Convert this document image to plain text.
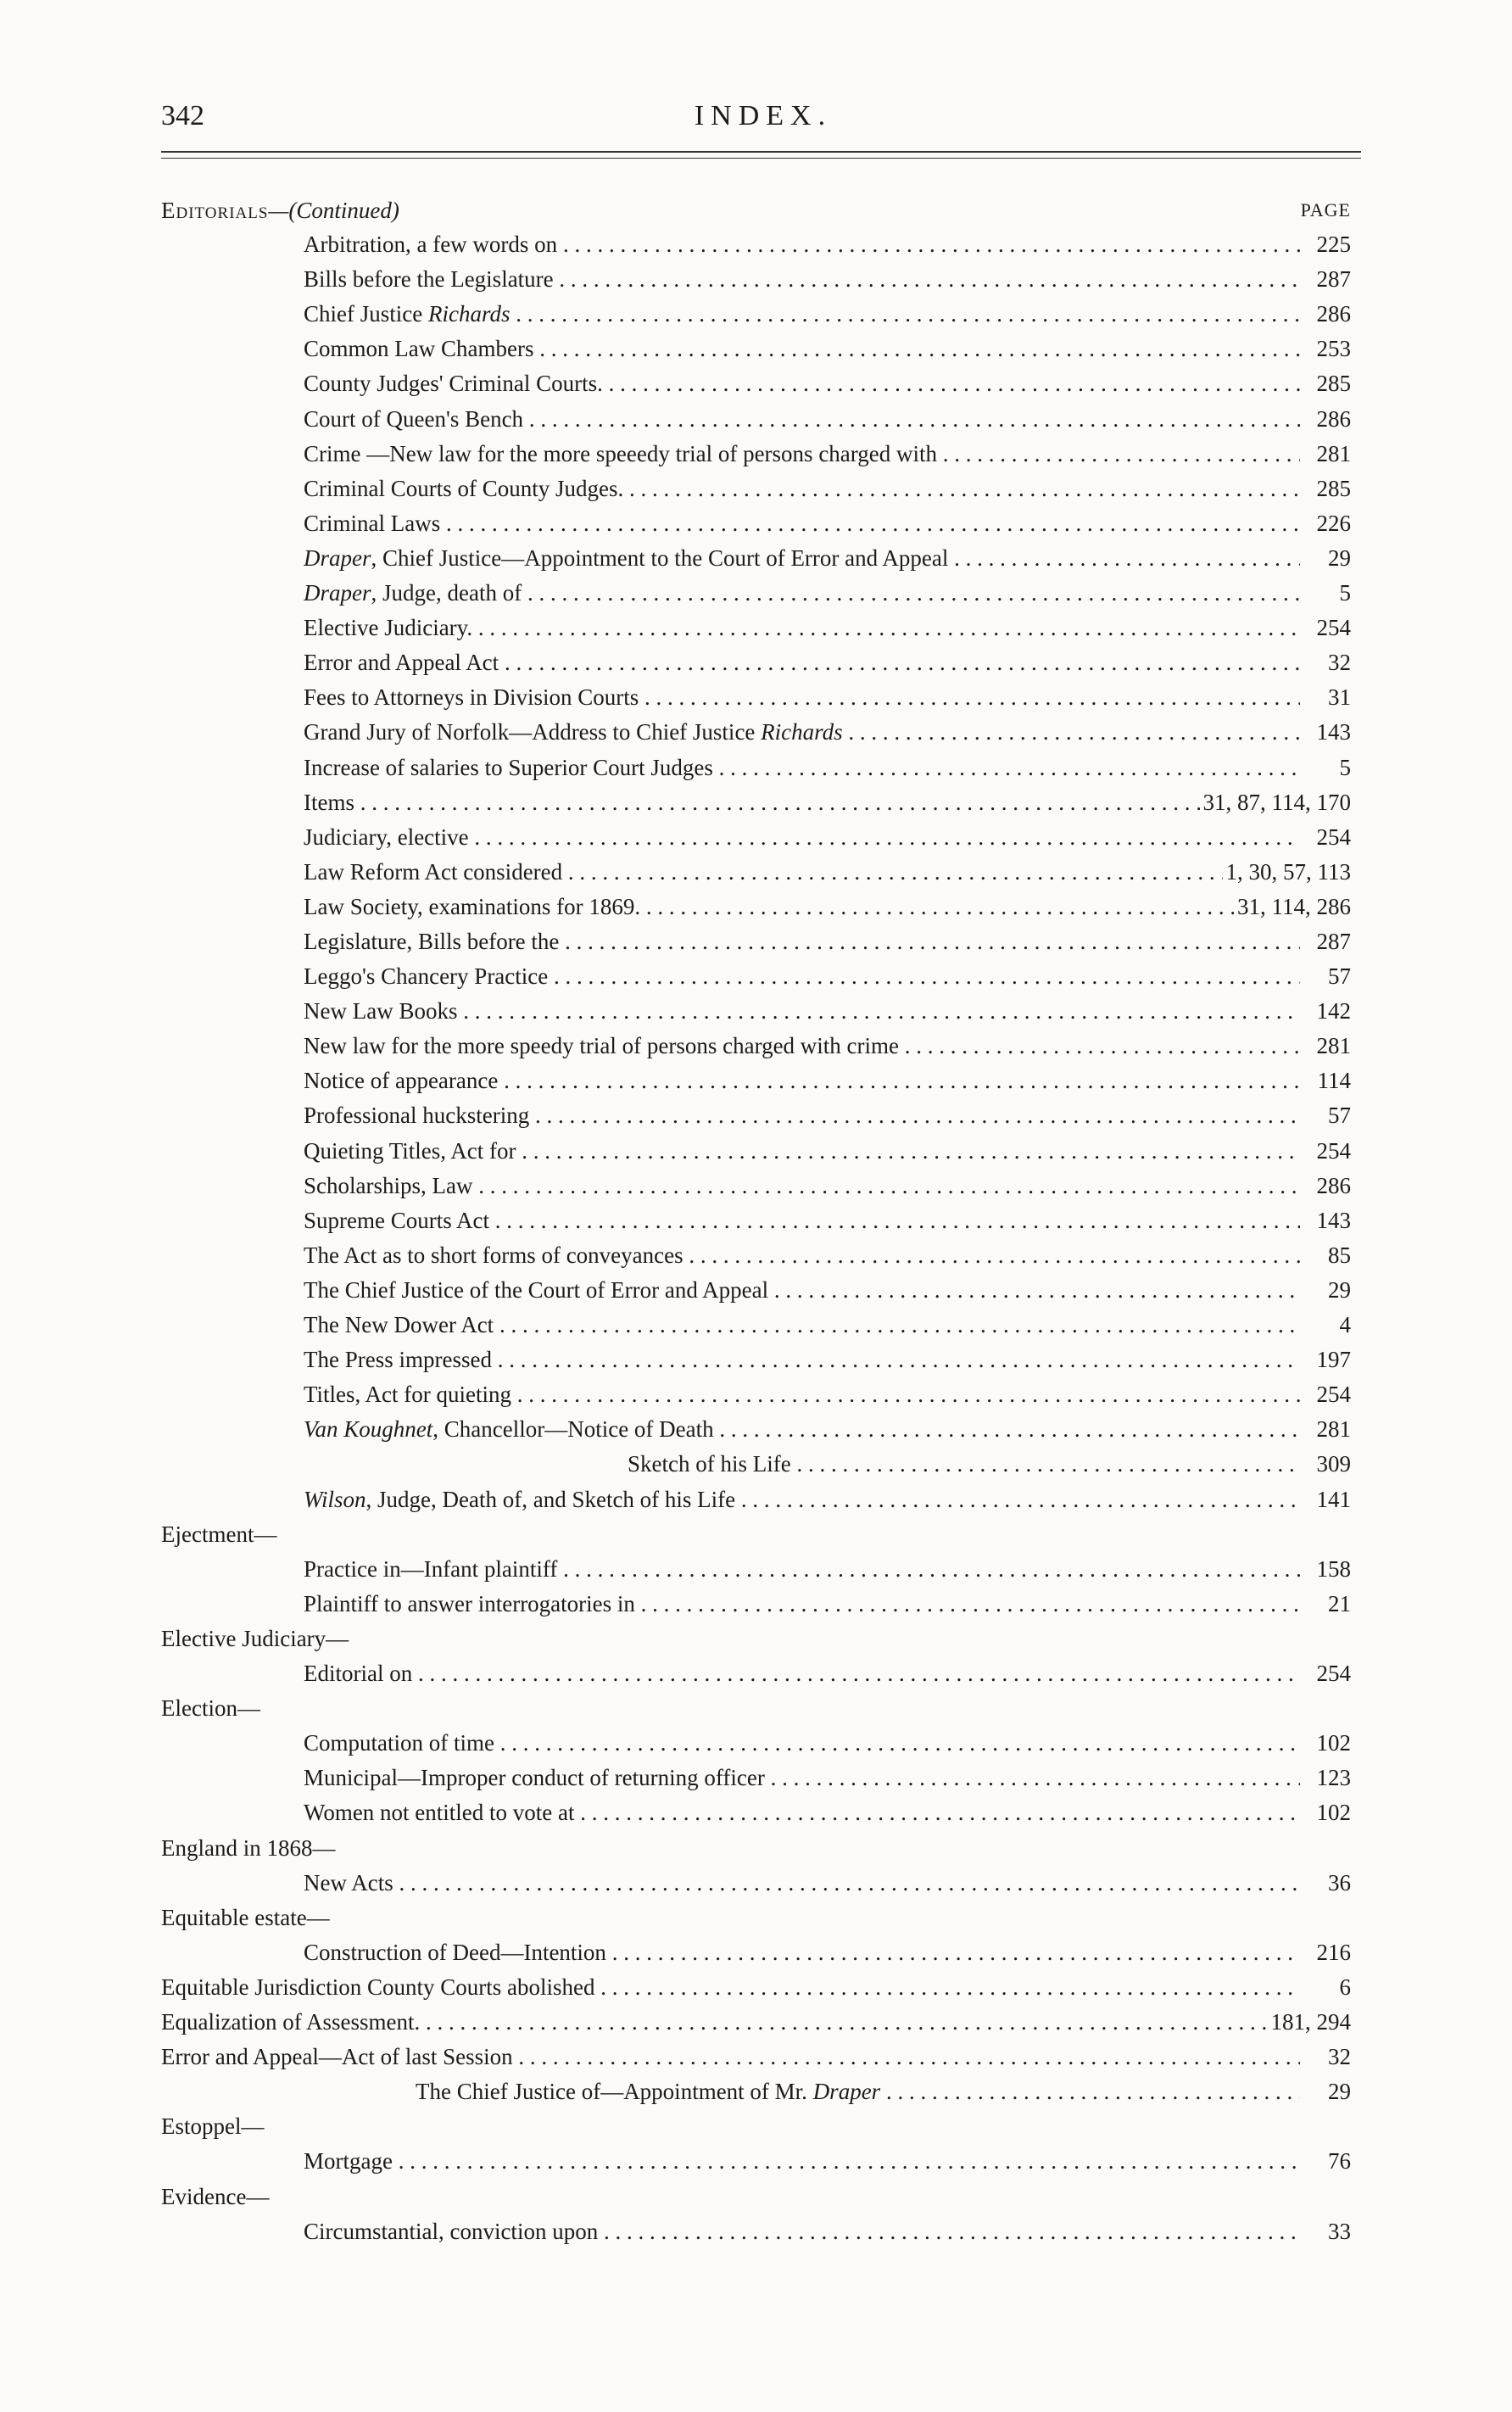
342	INDEX.
Editorials—(Continued)	PAGE
Arbitration, a few words on . . .	225
Bills before the Legislature . . .	287
Chief Justice Richards . . .	286
Common Law Chambers . . .	253
County Judges' Criminal Courts. . . .	285
Court of Queen's Bench . . .	286
Crime —New law for the more speeedy trial of persons charged with . . .	281
Criminal Courts of County Judges. . . .	285
Criminal Laws . . .	226
Draper, Chief Justice—Appointment to the Court of Error and Appeal . . .	29
Draper, Judge, death of . . .	5
Elective Judiciary. . . .	254
Error and Appeal Act . . .	32
Fees to Attorneys in Division Courts . . .	31
Grand Jury of Norfolk—Address to Chief Justice Richards . . .	143
Increase of salaries to Superior Court Judges . . .	5
Items . . .	31, 87, 114, 170
Judiciary, elective . . .	254
Law Reform Act considered . . .	1, 30, 57, 113
Law Society, examinations for 1869. . . .	31, 114, 286
Legislature, Bills before the . . .	287
Leggo's Chancery Practice . . .	57
New Law Books . . .	142
New law for the more speedy trial of persons charged with crime . . .	281
Notice of appearance . . .	114
Professional huckstering . . .	57
Quieting Titles, Act for . . .	254
Scholarships, Law . . .	286
Supreme Courts Act . . .	143
The Act as to short forms of conveyances . . .	85
The Chief Justice of the Court of Error and Appeal . . .	29
The New Dower Act . . .	4
The Press impressed . . .	197
Titles, Act for quieting . . .	254
Van Koughnet, Chancellor—Notice of Death . . .	281
Sketch of his Life . . .	309
Wilson, Judge, Death of, and Sketch of his Life . . .	141
Ejectment—
Practice in—Infant plaintiff . . .	158
Plaintiff to answer interrogatories in . . .	21
Elective Judiciary—
Editorial on . . .	254
Election—
Computation of time . . .	102
Municipal—Improper conduct of returning officer . . .	123
Women not entitled to vote at . . .	102
England in 1868—
New Acts . . .	36
Equitable estate—
Construction of Deed—Intention . . .	216
Equitable Jurisdiction County Courts abolished . . .	6
Equalization of Assessment. . . .	181, 294
Error and Appeal—Act of last Session . . .	32
The Chief Justice of—Appointment of Mr. Draper . . .	29
Estoppel—
Mortgage . . .	76
Evidence—
Circumstantial, conviction upon . . .	33
